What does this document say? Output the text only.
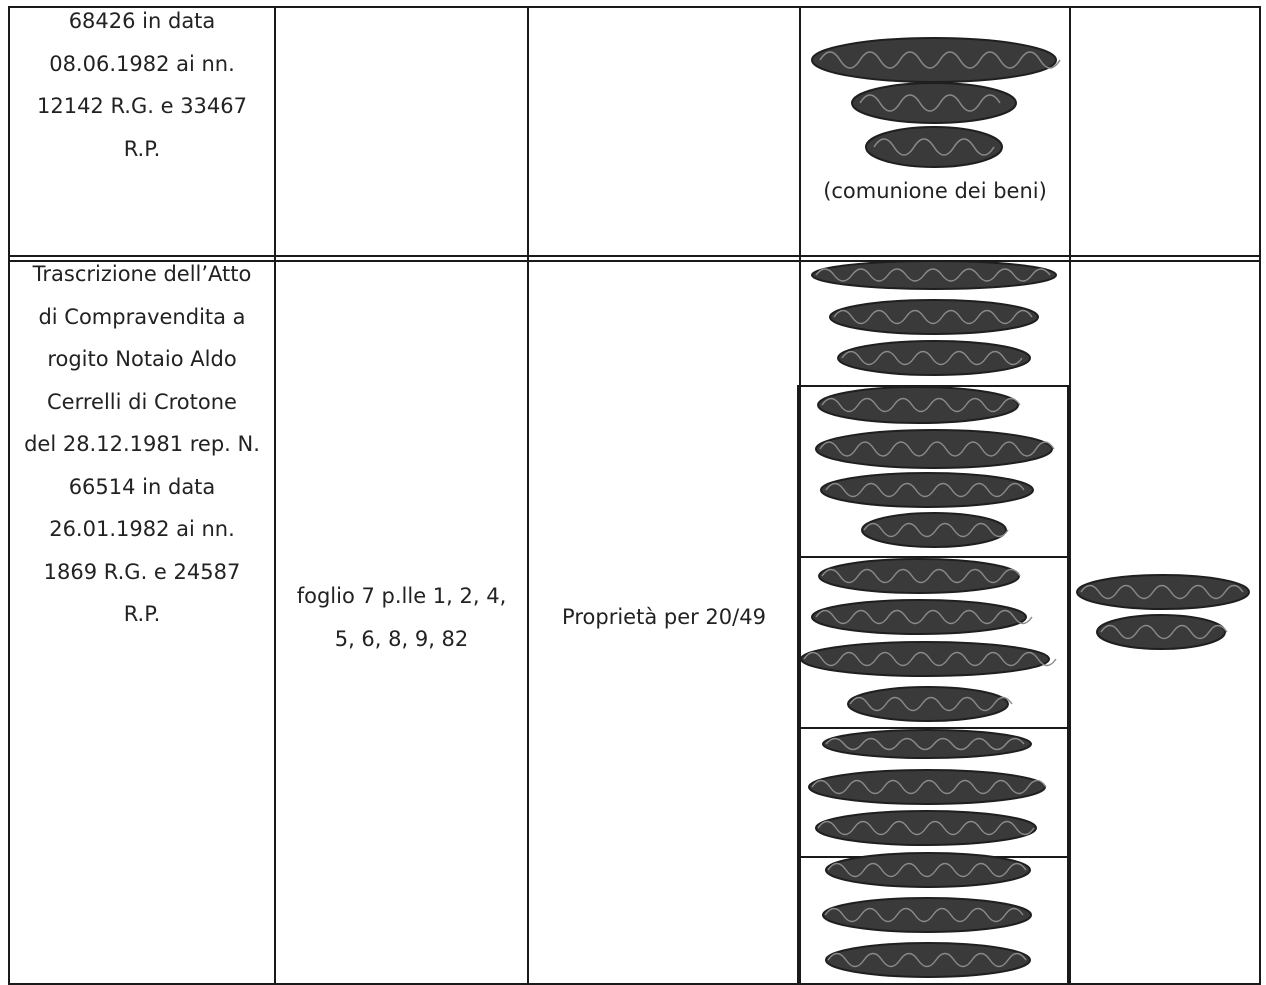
68426 in data
08.06.1982 ai nn.
12142 R.G. e 33467
R.P.
(comunione dei beni)
Trascrizione dell’Atto
di Compravendita a
rogito Notaio Aldo
Cerrelli di Crotone
del 28.12.1981 rep. N.
66514 in data
26.01.1982 ai nn.
1869 R.G. e 24587
R.P.
foglio 7 p.lle 1, 2, 4,
5, 6, 8, 9, 82
Proprietà per 20/49
